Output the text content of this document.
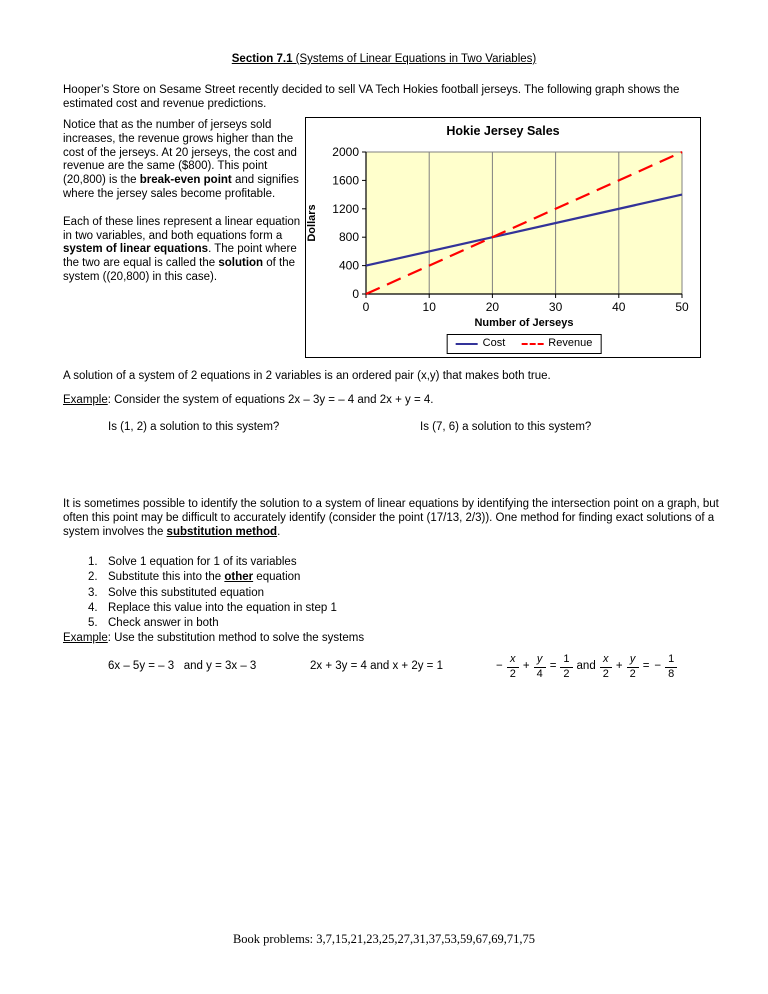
Section 7.1 (Systems of Linear Equations in Two Variables)
Hooper’s Store on Sesame Street recently decided to sell VA Tech Hokies football jerseys. The following graph shows the estimated cost and revenue predictions.

Notice that as the number of jerseys sold increases, the revenue grows higher than the cost of the jerseys. At 20 jerseys, the cost and revenue are the same ($800). This point (20,800) is the break-even point and signifies where the jersey sales become profitable.

Each of these lines represent a linear equation in two variables, and both equations form a system of linear equations. The point where the two are equal is called the solution of the system ((20,800) in this case).

Hokie Jersey Sales
Dollars
0
400
800
1200
1600
2000
0	10	20	30	40	50
Number of Jerseys
Cost	Revenue
A solution of a system of 2 equations in 2 variables is an ordered pair (x,y) that makes both true.
Example: Consider the system of equations 2x – 3y = – 4 and 2x + y = 4.
Is (1, 2) a solution to this system?	Is (7, 6) a solution to this system?
It is sometimes possible to identify the solution to a system of linear equations by identifying the intersection point on a graph, but often this point may be difficult to accurately identify (consider the point (17/13, 2/3)). One method for finding exact solutions of a system involves the substitution method.
1. Solve 1 equation for 1 of its variables
2. Substitute this into the other equation
3. Solve this substituted equation
4. Replace this value into the equation in step 1
5. Check answer in both
Example: Use the substitution method to solve the systems
6x – 5y = – 3   and y = 3x – 3	2x + 3y = 4 and x + 2y = 1	− $\frac{x}{2} + \frac{y}{4} = \frac{1}{2}$ and $\frac{x}{2} + \frac{y}{2}$ = − $\frac{1}{8}$
Book problems: 3,7,15,21,23,25,27,31,37,53,59,67,69,71,75
